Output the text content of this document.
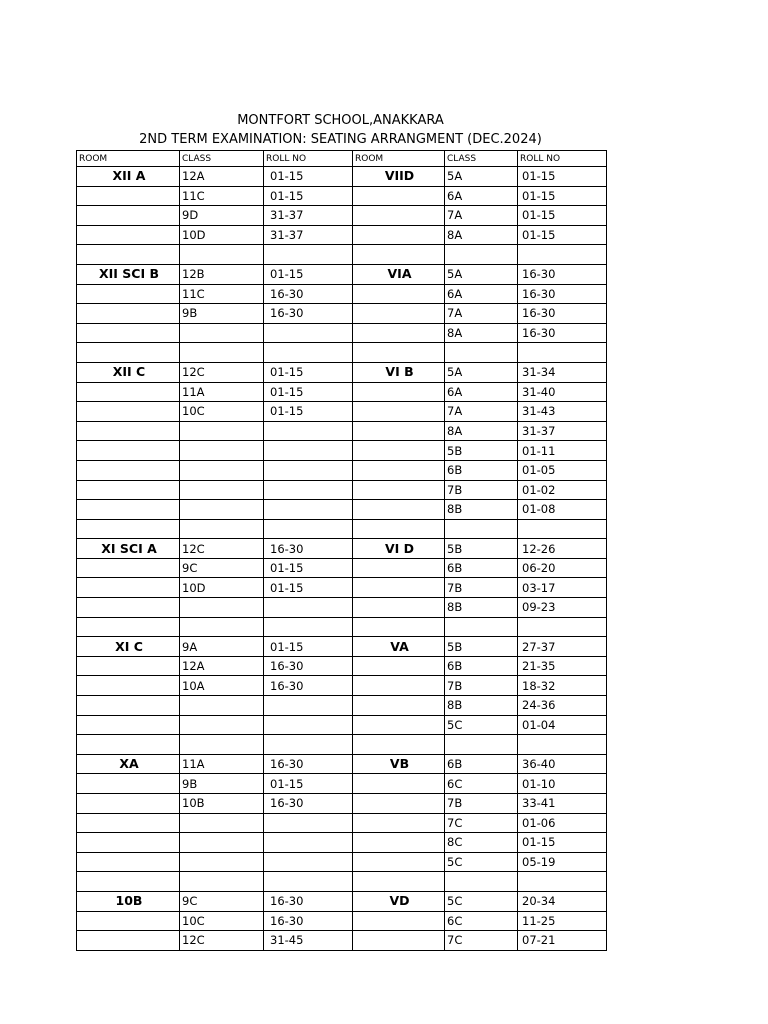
MONTFORT SCHOOL,ANAKKARA
2ND TERM EXAMINATION: SEATING ARRANGMENT (DEC.2024)
ROOM	CLASS	ROLL NO	ROOM	CLASS	ROLL NO
XII A	12A	01-15	VIID	5A	01-15
	11C	01-15		6A	01-15
	9D	31-37		7A	01-15
	10D	31-37		8A	01-15

XII SCI B	12B	01-15	VIA	5A	16-30
	11C	16-30		6A	16-30
	9B	16-30		7A	16-30
				8A	16-30

XII C	12C	01-15	VI B	5A	31-34
	11A	01-15		6A	31-40
	10C	01-15		7A	31-43
				8A	31-37
				5B	01-11
				6B	01-05
				7B	01-02
				8B	01-08

XI SCI A	12C	16-30	VI D	5B	12-26
	9C	01-15		6B	06-20
	10D	01-15		7B	03-17
				8B	09-23

XI C	9A	01-15	VA	5B	27-37
	12A	16-30		6B	21-35
	10A	16-30		7B	18-32
				8B	24-36
				5C	01-04

XA	11A	16-30	VB	6B	36-40
	9B	01-15		6C	01-10
	10B	16-30		7B	33-41
				7C	01-06
				8C	01-15
				5C	05-19

10B	9C	16-30	VD	5C	20-34
	10C	16-30		6C	11-25
	12C	31-45		7C	07-21
